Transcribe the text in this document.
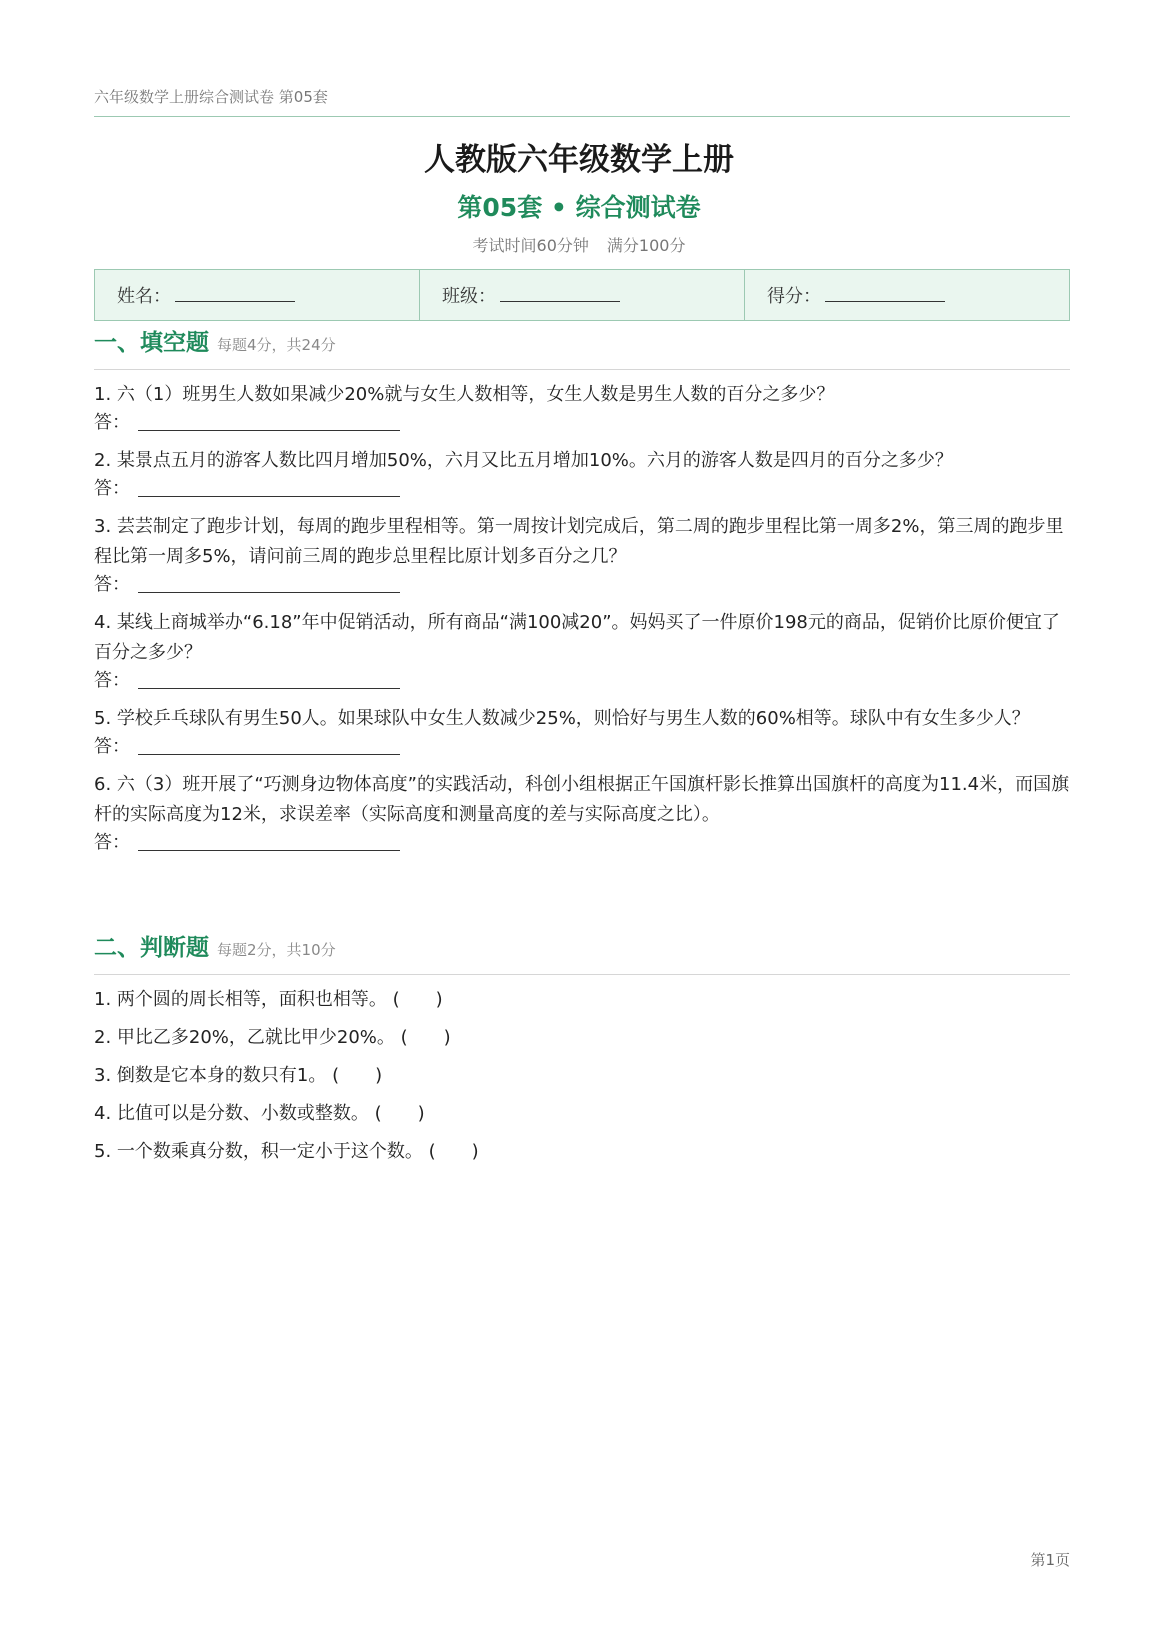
六年级数学上册综合测试卷 第05套
人教版六年级数学上册
第05套 • 综合测试卷
考试时间60分钟 满分100分
姓名：	班级：	得分：
一、填空题 每题4分，共24分
1. 六（1）班男生人数如果减少20%就与女生人数相等，女生人数是男生人数的百分之多少？
答：
2. 某景点五月的游客人数比四月增加50%，六月又比五月增加10%。六月的游客人数是四月的百分之多少？
答：
3. 芸芸制定了跑步计划，每周的跑步里程相等。第一周按计划完成后，第二周的跑步里程比第一周多2%，第三周的跑步里程比第一周多5%，请问前三周的跑步总里程比原计划多百分之几？
答：
4. 某线上商城举办“6.18”年中促销活动，所有商品“满100减20”。妈妈买了一件原价198元的商品，促销价比原价便宜了百分之多少？
答：
5. 学校乒乓球队有男生50人。如果球队中女生人数减少25%，则恰好与男生人数的60%相等。球队中有女生多少人？
答：
6. 六（3）班开展了“巧测身边物体高度”的实践活动，科创小组根据正午国旗杆影长推算出国旗杆的高度为11.4米，而国旗杆的实际高度为12米，求误差率（实际高度和测量高度的差与实际高度之比）。
答：
二、判断题 每题2分，共10分
1. 两个圆的周长相等，面积也相等。 (　　)
2. 甲比乙多20%，乙就比甲少20%。 (　　)
3. 倒数是它本身的数只有1。 (　　)
4. 比值可以是分数、小数或整数。 (　　)
5. 一个数乘真分数，积一定小于这个数。 (　　)
第1页
